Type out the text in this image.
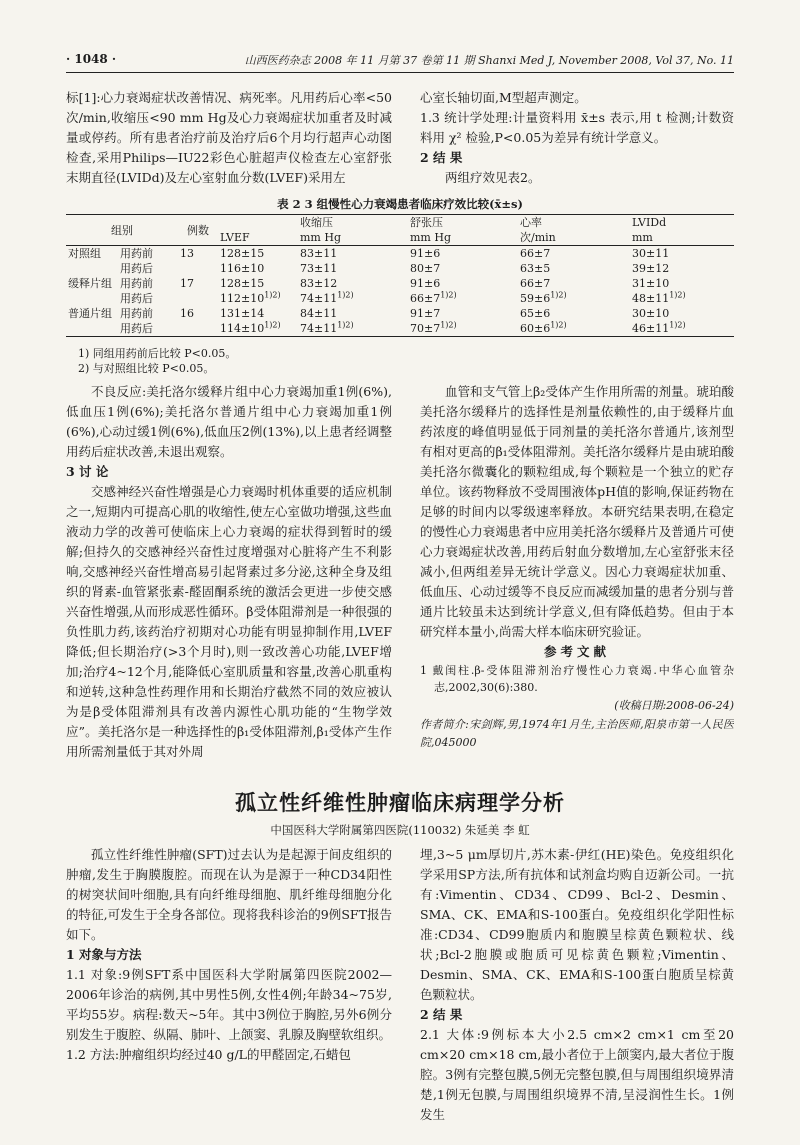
· 1048 ·	山西医药杂志 2008 年 11 月第 37 卷第 11 期 Shanxi Med J, November 2008, Vol 37, No. 11

标[1]:心力衰竭症状改善情况、病死率。凡用药后心率<50次/min,收缩压<90 mm Hg及心力衰竭症状加重者及时减量或停药。所有患者治疗前及治疗后6个月均行超声心动图检查,采用Philips—IU22彩色心脏超声仪检查左心室舒张末期直径(LVIDd)及左心室射血分数(LVEF)采用左

心室长轴切面,M型超声测定。

1.3 统计学处理:计量资料用 x̄±s 表示,用 t 检测;计数资料用 χ² 检验,P<0.05为差异有统计学意义。

2 结 果

两组疗效见表2。

表 2 3 组慢性心力衰竭患者临床疗效比较(x̄±s)
组别		例数		收缩压	舒张压	心率	LVIDd
			LVEF	mm Hg	mm Hg	次/min	mm
对照组	用药前	13	128±15	83±11	91±6	66±7	30±11
	用药后		116±10	73±11	80±7	63±5	39±12
缓释片组	用药前	17	128±15	83±12	91±6	66±7	31±10
	用药后		$112\pm 10^{1)2)}$	$74\pm 11^{1)2)}$	$66\pm 7^{1)2)}$	$59\pm 6^{1)2)}$	$48\pm 11^{1)2)}$
普通片组	用药前	16	131±14	84±11	91±7	65±6	30±10
	用药后		$114\pm 10^{1)2)}$	$74\pm 11^{1)2)}$	$70\pm 7^{1)2)}$	$60\pm 6^{1)2)}$	$46\pm 11^{1)2)}$

1) 同组用药前后比较 P<0.05。

2) 与对照组比较 P<0.05。

不良反应:美托洛尔缓释片组中心力衰竭加重1例(6%),低血压1例(6%);美托洛尔普通片组中心力衰竭加重1例(6%),心动过缓1例(6%),低血压2例(13%),以上患者经调整用药后症状改善,未退出观察。

3 讨 论

交感神经兴奋性增强是心力衰竭时机体重要的适应机制之一,短期内可提高心肌的收缩性,使左心室做功增强,这些血液动力学的改善可使临床上心力衰竭的症状得到暂时的缓解;但持久的交感神经兴奋性过度增强对心脏将产生不利影响,交感神经兴奋性增高易引起肾素过多分泌,这种全身及组织的肾素-血管紧张素-醛固酮系统的激活会更进一步使交感兴奋性增强,从而形成恶性循环。β受体阻滞剂是一种很强的负性肌力药,该药治疗初期对心功能有明显抑制作用,LVEF降低;但长期治疗(>3个月时),则一致改善心功能,LVEF增加;治疗4~12个月,能降低心室肌质量和容量,改善心肌重构和逆转,这种急性药理作用和长期治疗截然不同的效应被认为是β受体阻滞剂具有改善内源性心肌功能的“生物学效应”。美托洛尔是一种选择性的β₁受体阻滞剂,β₁受体产生作用所需剂量低于其对外周

血管和支气管上β₂受体产生作用所需的剂量。琥珀酸美托洛尔缓释片的选择性是剂量依赖性的,由于缓释片血药浓度的峰值明显低于同剂量的美托洛尔普通片,该剂型有相对更高的β₁受体阻滞剂。美托洛尔缓释片是由琥珀酸美托洛尔微囊化的颗粒组成,每个颗粒是一个独立的贮存单位。该药物释放不受周围液体pH值的影响,保证药物在足够的时间内以零级速率释放。本研究结果表明,在稳定的慢性心力衰竭患者中应用美托洛尔缓释片及普通片可使心力衰竭症状改善,用药后射血分数增加,左心室舒张末径减小,但两组差异无统计学意义。因心力衰竭症状加重、低血压、心动过缓等不良反应而减缓加量的患者分别与普通片比较虽未达到统计学意义,但有降低趋势。但由于本研究样本量小,尚需大样本临床研究验证。

参考文献

1 戴闺柱.β-受体阻滞剂治疗慢性心力衰竭.中华心血管杂志,2002,30(6):380.

(收稿日期:2008-06-24)

作者简介:宋剑辉,男,1974年1月生,主治医师,阳泉市第一人民医院,045000

孤立性纤维性肿瘤临床病理学分析
中国医科大学附属第四医院(110032) 朱延美 李 虹

孤立性纤维性肿瘤(SFT)过去认为是起源于间皮组织的肿瘤,发生于胸膜腹腔。而现在认为是源于一种CD34阳性的树突状间叶细胞,具有向纤维母细胞、肌纤维母细胞分化的特征,可发生于全身各部位。现将我科诊治的9例SFT报告如下。

1 对象与方法

1.1 对象:9例SFT系中国医科大学附属第四医院2002—2006年诊治的病例,其中男性5例,女性4例;年龄34~75岁,平均55岁。病程:数天~5年。其中3例位于胸腔,另外6例分别发生于腹腔、纵隔、肺叶、上颌窦、乳腺及胸壁软组织。

1.2 方法:肿瘤组织均经过40 g/L的甲醛固定,石蜡包

埋,3~5 μm厚切片,苏木素-伊红(HE)染色。免疫组织化学采用SP方法,所有抗体和试剂盒均购自迈新公司。一抗有:Vimentin、CD34、CD99、Bcl-2、Desmin、SMA、CK、EMA和S-100蛋白。免疫组织化学阳性标准:CD34、CD99胞质内和胞膜呈棕黄色颗粒状、线状;Bcl-2胞膜或胞质可见棕黄色颗粒;Vimentin、Desmin、SMA、CK、EMA和S-100蛋白胞质呈棕黄色颗粒状。

2 结 果

2.1 大体:9例标本大小2.5 cm×2 cm×1 cm至20 cm×20 cm×18 cm,最小者位于上颌窦内,最大者位于腹腔。3例有完整包膜,5例无完整包膜,但与周围组织境界清楚,1例无包膜,与周围组织境界不清,呈浸润性生长。1例发生
